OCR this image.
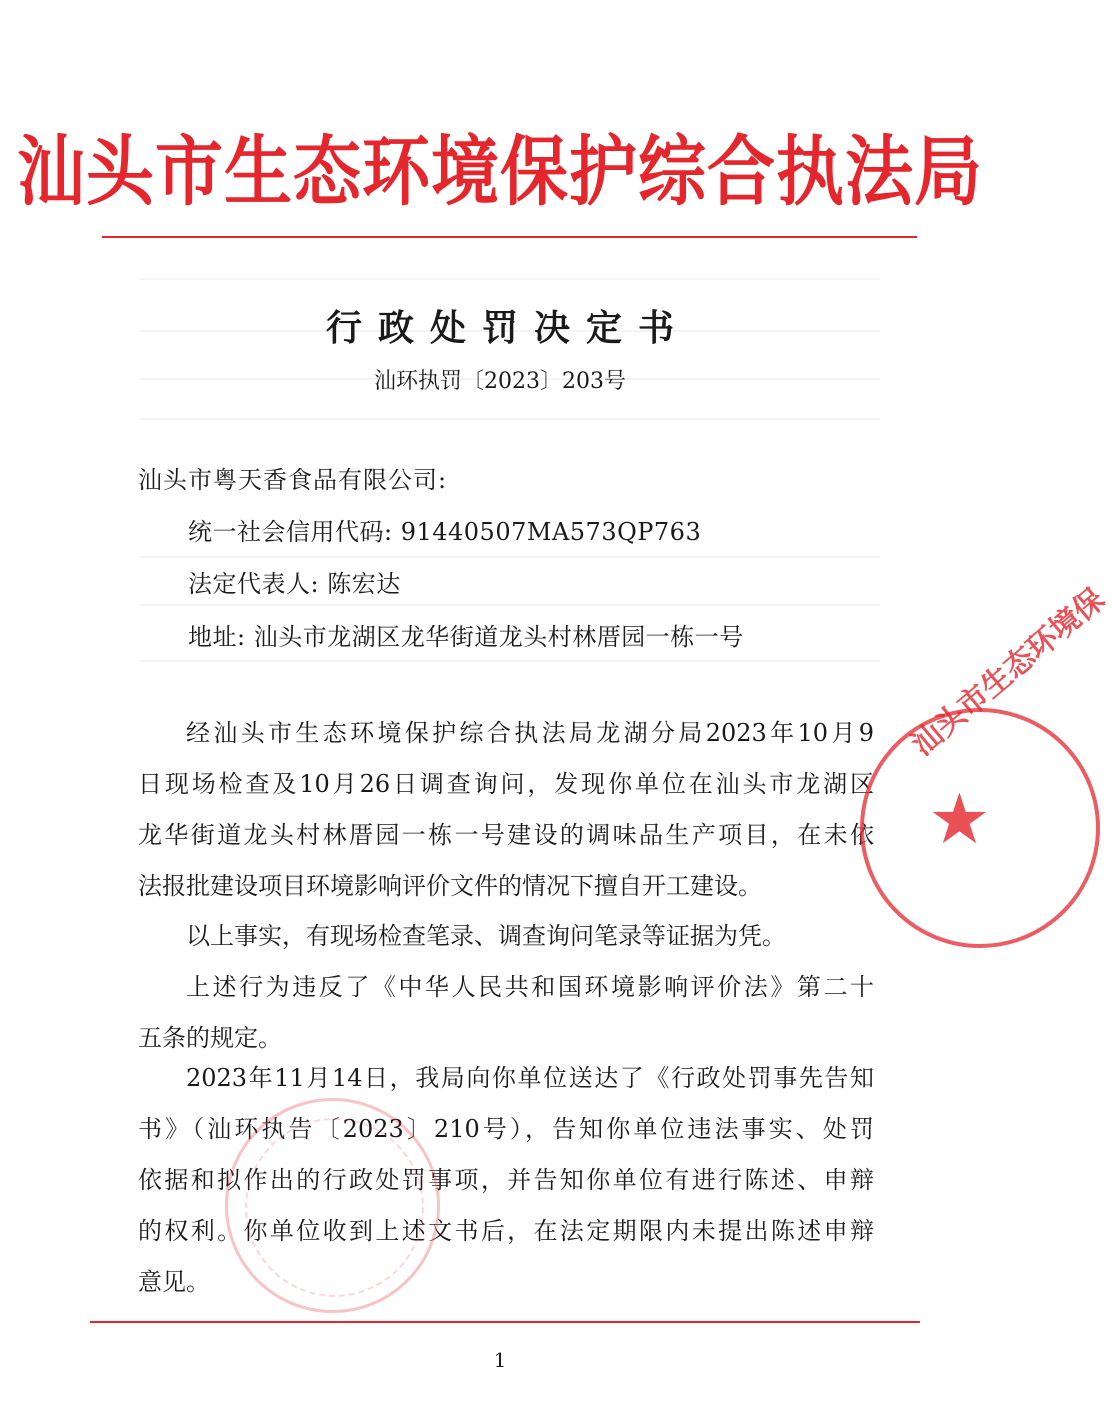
汕头市生态环境保护综合执法局
行政处罚决定书
汕环执罚〔2023〕203号
汕头市粤天香食品有限公司:
统一社会信用代码: 91440507MA573QP763
法定代表人: 陈宏达
地址: 汕头市龙湖区龙华街道龙头村林厝园一栋一号
经汕头市生态环境保护综合执法局龙湖分局2023年10月9
日现场检查及10月26日调查询问，发现你单位在汕头市龙湖区
龙华街道龙头村林厝园一栋一号建设的调味品生产项目，在未依
法报批建设项目环境影响评价文件的情况下擅自开工建设。
以上事实，有现场检查笔录、调查询问笔录等证据为凭。
上述行为违反了《中华人民共和国环境影响评价法》第二十
五条的规定。
2023年11月14日，我局向你单位送达了《行政处罚事先告知
书》（汕环执告〔2023〕210号），告知你单位违法事实、处罚
依据和拟作出的行政处罚事项，并告知你单位有进行陈述、申辩
的权利。你单位收到上述文书后，在法定期限内未提出陈述申辩
意见。
汕头市生态环境保
★
1
